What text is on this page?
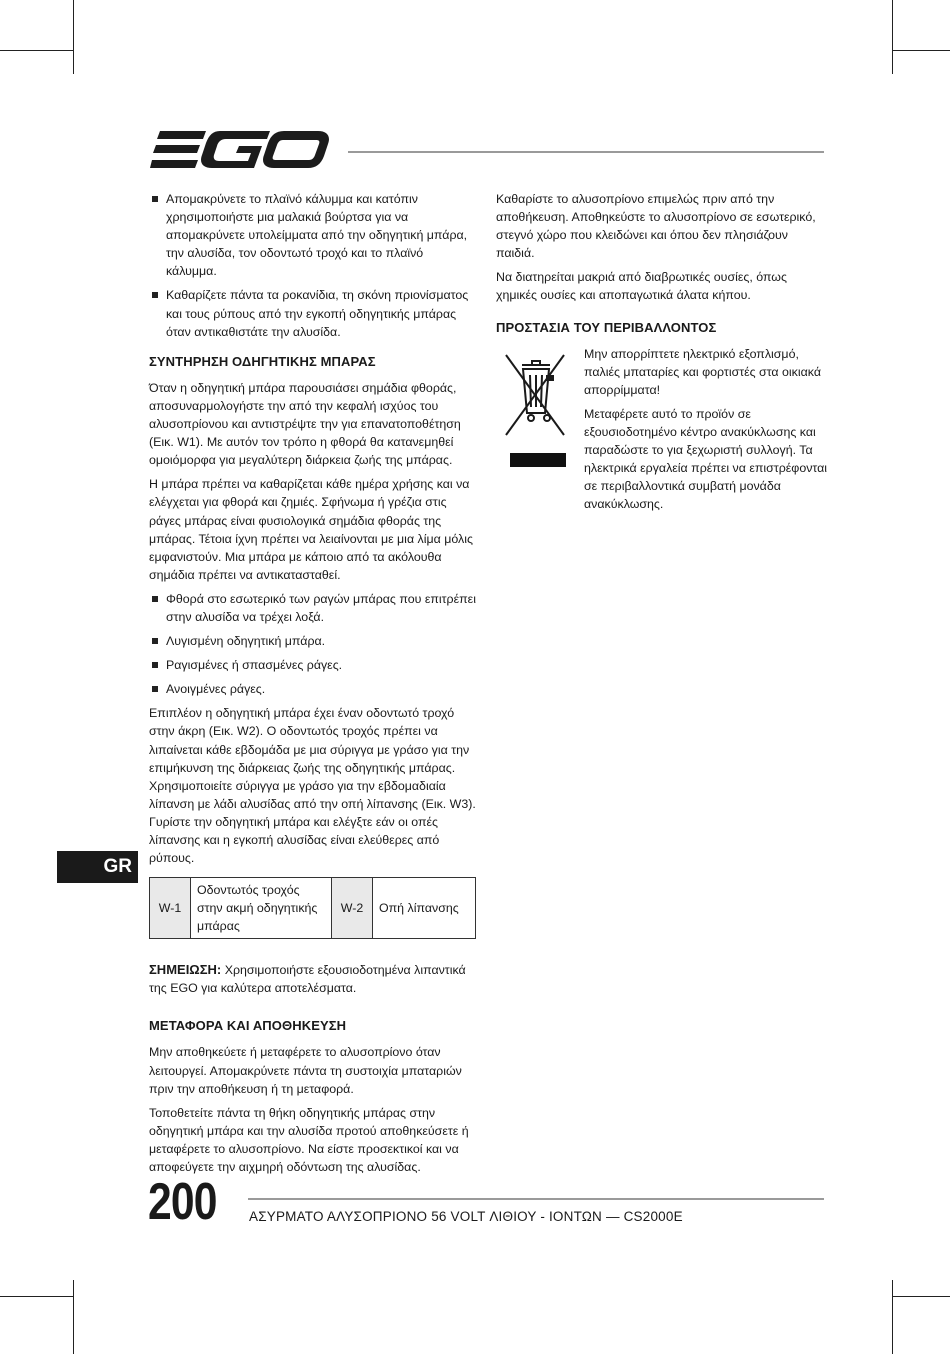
Απομακρύνετε το πλαϊνό κάλυμμα και κατόπιν χρησιμοποιήστε μια μαλακιά βούρτσα για να απομακρύνετε υπολείμματα από την οδηγητική μπάρα, την αλυσίδα, τον οδοντωτό τροχό και το πλαϊνό κάλυμμα.
Καθαρίζετε πάντα τα ροκανίδια, τη σκόνη πριονίσματος και τους ρύπους από την εγκοπή οδηγητικής μπάρας όταν αντικαθιστάτε την αλυσίδα.
ΣΥΝΤΗΡΗΣΗ ΟΔΗΓΗΤΙΚΗΣ ΜΠΑΡΑΣ

Όταν η οδηγητική μπάρα παρουσιάσει σημάδια φθοράς, αποσυναρμολογήστε την από την κεφαλή ισχύος του αλυσοπρίονου και αντιστρέψτε την για επανατοποθέτηση (Εικ. W1). Με αυτόν τον τρόπο η φθορά θα κατανεμηθεί ομοιόμορφα για μεγαλύτερη διάρκεια ζωής της μπάρας.

Η μπάρα πρέπει να καθαρίζεται κάθε ημέρα χρήσης και να ελέγχεται για φθορά και ζημιές. Σφήνωμα ή γρέζια στις ράγες μπάρας είναι φυσιολογικά σημάδια φθοράς της μπάρας. Τέτοια ίχνη πρέπει να λειαίνονται με μια λίμα μόλις εμφανιστούν. Μια μπάρα με κάποιο από τα ακόλουθα σημάδια πρέπει να αντικατασταθεί.

Φθορά στο εσωτερικό των ραγών μπάρας που επιτρέπει στην αλυσίδα να τρέχει λοξά.
Λυγισμένη οδηγητική μπάρα.
Ραγισμένες ή σπασμένες ράγες.
Ανοιγμένες ράγες.

Επιπλέον η οδηγητική μπάρα έχει έναν οδοντωτό τροχό στην άκρη (Εικ. W2). Ο οδοντωτός τροχός πρέπει να λιπαίνεται κάθε εβδομάδα με μια σύριγγα με γράσο για την επιμήκυνση της διάρκειας ζωής της οδηγητικής μπάρας. Χρησιμοποιείτε σύριγγα με γράσο για την εβδομαδιαία λίπανση με λάδι αλυσίδας από την οπή λίπανσης (Εικ. W3). Γυρίστε την οδηγητική μπάρα και ελέγξτε εάν οι οπές λίπανσης και η εγκοπή αλυσίδας είναι ελεύθερες από ρύπους.

W-1	Οδοντωτός τροχός στην ακμή οδηγητικής μπάρας	W-2	Οπή λίπανσης

ΣΗΜΕΙΩΣΗ: Χρησιμοποιήστε εξουσιοδοτημένα λιπαντικά της EGO για καλύτερα αποτελέσματα.

ΜΕΤΑΦΟΡΑ ΚΑΙ ΑΠΟΘΗΚΕΥΣΗ

Μην αποθηκεύετε ή μεταφέρετε το αλυσοπρίονο όταν λειτουργεί. Απομακρύνετε πάντα τη συστοιχία μπαταριών πριν την αποθήκευση ή τη μεταφορά.

Τοποθετείτε πάντα τη θήκη οδηγητικής μπάρας στην οδηγητική μπάρα και την αλυσίδα προτού αποθηκεύσετε ή μεταφέρετε το αλυσοπρίονο. Να είστε προσεκτικοί και να αποφεύγετε την αιχμηρή οδόντωση της αλυσίδας.

Καθαρίστε το αλυσοπρίονο επιμελώς πριν από την αποθήκευση. Αποθηκεύστε το αλυσοπρίονο σε εσωτερικό, στεγνό χώρο που κλειδώνει και όπου δεν πλησιάζουν παιδιά.

Να διατηρείται μακριά από διαβρωτικές ουσίες, όπως χημικές ουσίες και αποπαγωτικά άλατα κήπου.

ΠΡΟΣΤΑΣΙΑ ΤΟΥ ΠΕΡΙΒΑΛΛΟΝΤΟΣ

Μην απορρίπτετε ηλεκτρικό εξοπλισμό, παλιές μπαταρίες και φορτιστές στα οικιακά απορρίμματα!

Μεταφέρετε αυτό το προϊόν σε εξουσιοδοτημένο κέντρο ανακύκλωσης και παραδώστε το για ξεχωριστή συλλογή. Τα ηλεκτρικά εργαλεία πρέπει να επιστρέφονται σε περιβαλλοντικά συμβατή μονάδα ανακύκλωσης.

GR
200 ΑΣΥΡΜΑΤΟ ΑΛΥΣΟΠΡΙΟΝΟ 56 VOLT ΛΙΘΙΟΥ - ΙΟΝΤΩΝ — CS2000E
